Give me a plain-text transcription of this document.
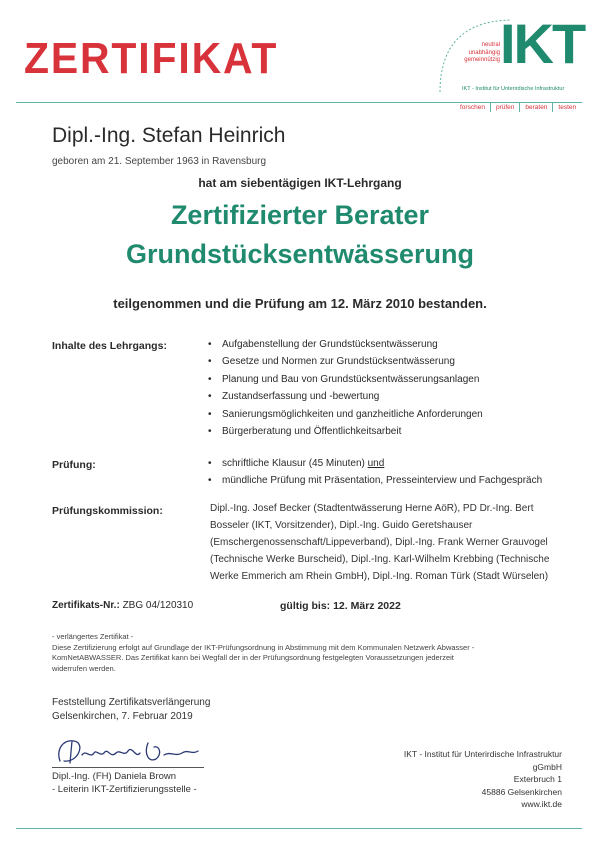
ZERTIFIKAT	neutral
unabhängig
gemeinnützig IKT
IKT - Institut für Unterirdische Infrastruktur
forschen	prüfen	beraten	testen
Dipl.-Ing. Stefan Heinrich
geboren am 21. September 1963 in Ravensburg
hat am siebentägigen IKT-Lehrgang
Zertifizierter Berater
Grundstücksentwässerung
teilgenommen und die Prüfung am 12. März 2010 bestanden.
Inhalte des Lehrgangs:	• Aufgabenstellung der Grundstücksentwässerung
• Gesetze und Normen zur Grundstücksentwässerung
• Planung und Bau von Grundstücksentwässerungsanlagen
• Zustandserfassung und -bewertung
• Sanierungsmöglichkeiten und ganzheitliche Anforderungen
• Bürgerberatung und Öffentlichkeitsarbeit
Prüfung:	• schriftliche Klausur (45 Minuten) und
• mündliche Prüfung mit Präsentation, Presseinterview und Fachgespräch
Prüfungskommission:	Dipl.-Ing. Josef Becker (Stadtentwässerung Herne AöR), PD Dr.-Ing. Bert Bosseler (IKT, Vorsitzender), Dipl.-Ing. Guido Geretshauser (Emschergenossenschaft/Lippeverband), Dipl.-Ing. Frank Werner Grauvogel (Technische Werke Burscheid), Dipl.-Ing. Karl-Wilhelm Krebbing (Technische Werke Emmerich am Rhein GmbH), Dipl.-Ing. Roman Türk (Stadt Würselen)
Zertifikats-Nr.: ZBG 04/120310	gültig bis: 12. März 2022
- verlängertes Zertifikat -
Diese Zertifizierung erfolgt auf Grundlage der IKT-Prüfungsordnung in Abstimmung mit dem Kommunalen Netzwerk Abwasser -
KomNetABWASSER. Das Zertifikat kann bei Wegfall der in der Prüfungsordnung festgelegten Voraussetzungen jederzeit
widerrufen werden.
Feststellung Zertifikatsverlängerung
Gelsenkirchen, 7. Februar 2019
Dipl.-Ing. (FH) Daniela Brown
- Leiterin IKT-Zertifizierungsstelle -
IKT - Institut für Unterirdische Infrastruktur gGmbH
Exterbruch 1
45886 Gelsenkirchen
www.ikt.de
